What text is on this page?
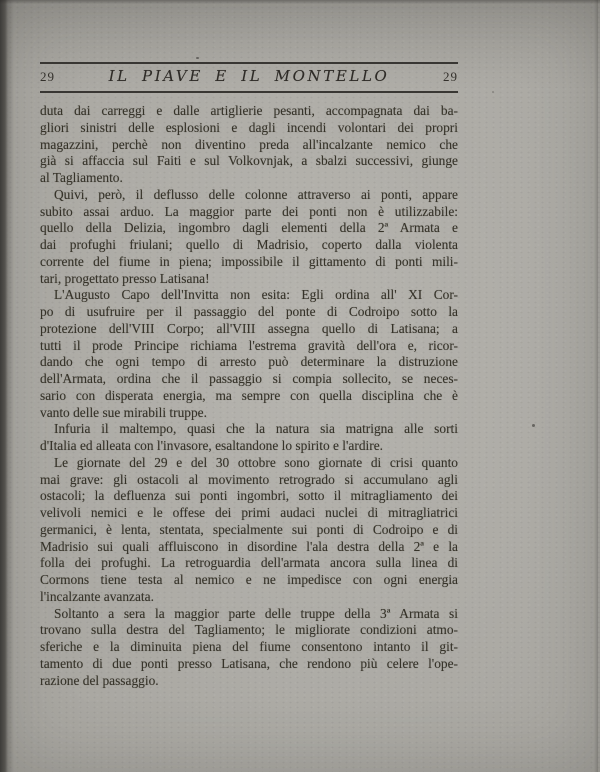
29	IL PIAVE E IL MONTELLO	29
duta dai carreggi e dalle artiglierie pesanti, accompagnata dai ba-
gliori sinistri delle esplosioni e dagli incendi volontari dei propri
magazzini, perchè non diventino preda all'incalzante nemico che
già si affaccia sul Faiti e sul Volkovnjak, a sbalzi successivi, giunge
al Tagliamento.
Quivi, però, il deflusso delle colonne attraverso ai ponti, appare
subito assai arduo. La maggior parte dei ponti non è utilizzabile:
quello della Delizia, ingombro dagli elementi della 2ª Armata e
dai profughi friulani; quello di Madrisio, coperto dalla violenta
corrente del fiume in piena; impossibile il gittamento di ponti mili-
tari, progettato presso Latisana!
L'Augusto Capo dell'Invitta non esita: Egli ordina all' XI Cor-
po di usufruire per il passaggio del ponte di Codroipo sotto la
protezione dell'VIII Corpo; all'VIII assegna quello di Latisana; a
tutti il prode Principe richiama l'estrema gravità dell'ora e, ricor-
dando che ogni tempo di arresto può determinare la distruzione
dell'Armata, ordina che il passaggio si compia sollecito, se neces-
sario con disperata energia, ma sempre con quella disciplina che è
vanto delle sue mirabili truppe.
Infuria il maltempo, quasi che la natura sia matrigna alle sorti
d'Italia ed alleata con l'invasore, esaltandone lo spirito e l'ardire.
Le giornate del 29 e del 30 ottobre sono giornate di crisi quanto
mai grave: gli ostacoli al movimento retrogrado si accumulano agli
ostacoli; la defluenza sui ponti ingombri, sotto il mitragliamento dei
velivoli nemici e le offese dei primi audaci nuclei di mitragliatrici
germanici, è lenta, stentata, specialmente sui ponti di Codroipo e di
Madrisio sui quali affluiscono in disordine l'ala destra della 2ª e la
folla dei profughi. La retroguardia dell'armata ancora sulla linea di
Cormons tiene testa al nemico e ne impedisce con ogni energia
l'incalzante avanzata.
Soltanto a sera la maggior parte delle truppe della 3ª Armata si
trovano sulla destra del Tagliamento; le migliorate condizioni atmo-
sferiche e la diminuita piena del fiume consentono intanto il git-
tamento di due ponti presso Latisana, che rendono più celere l'ope-
razione del passaggio.
